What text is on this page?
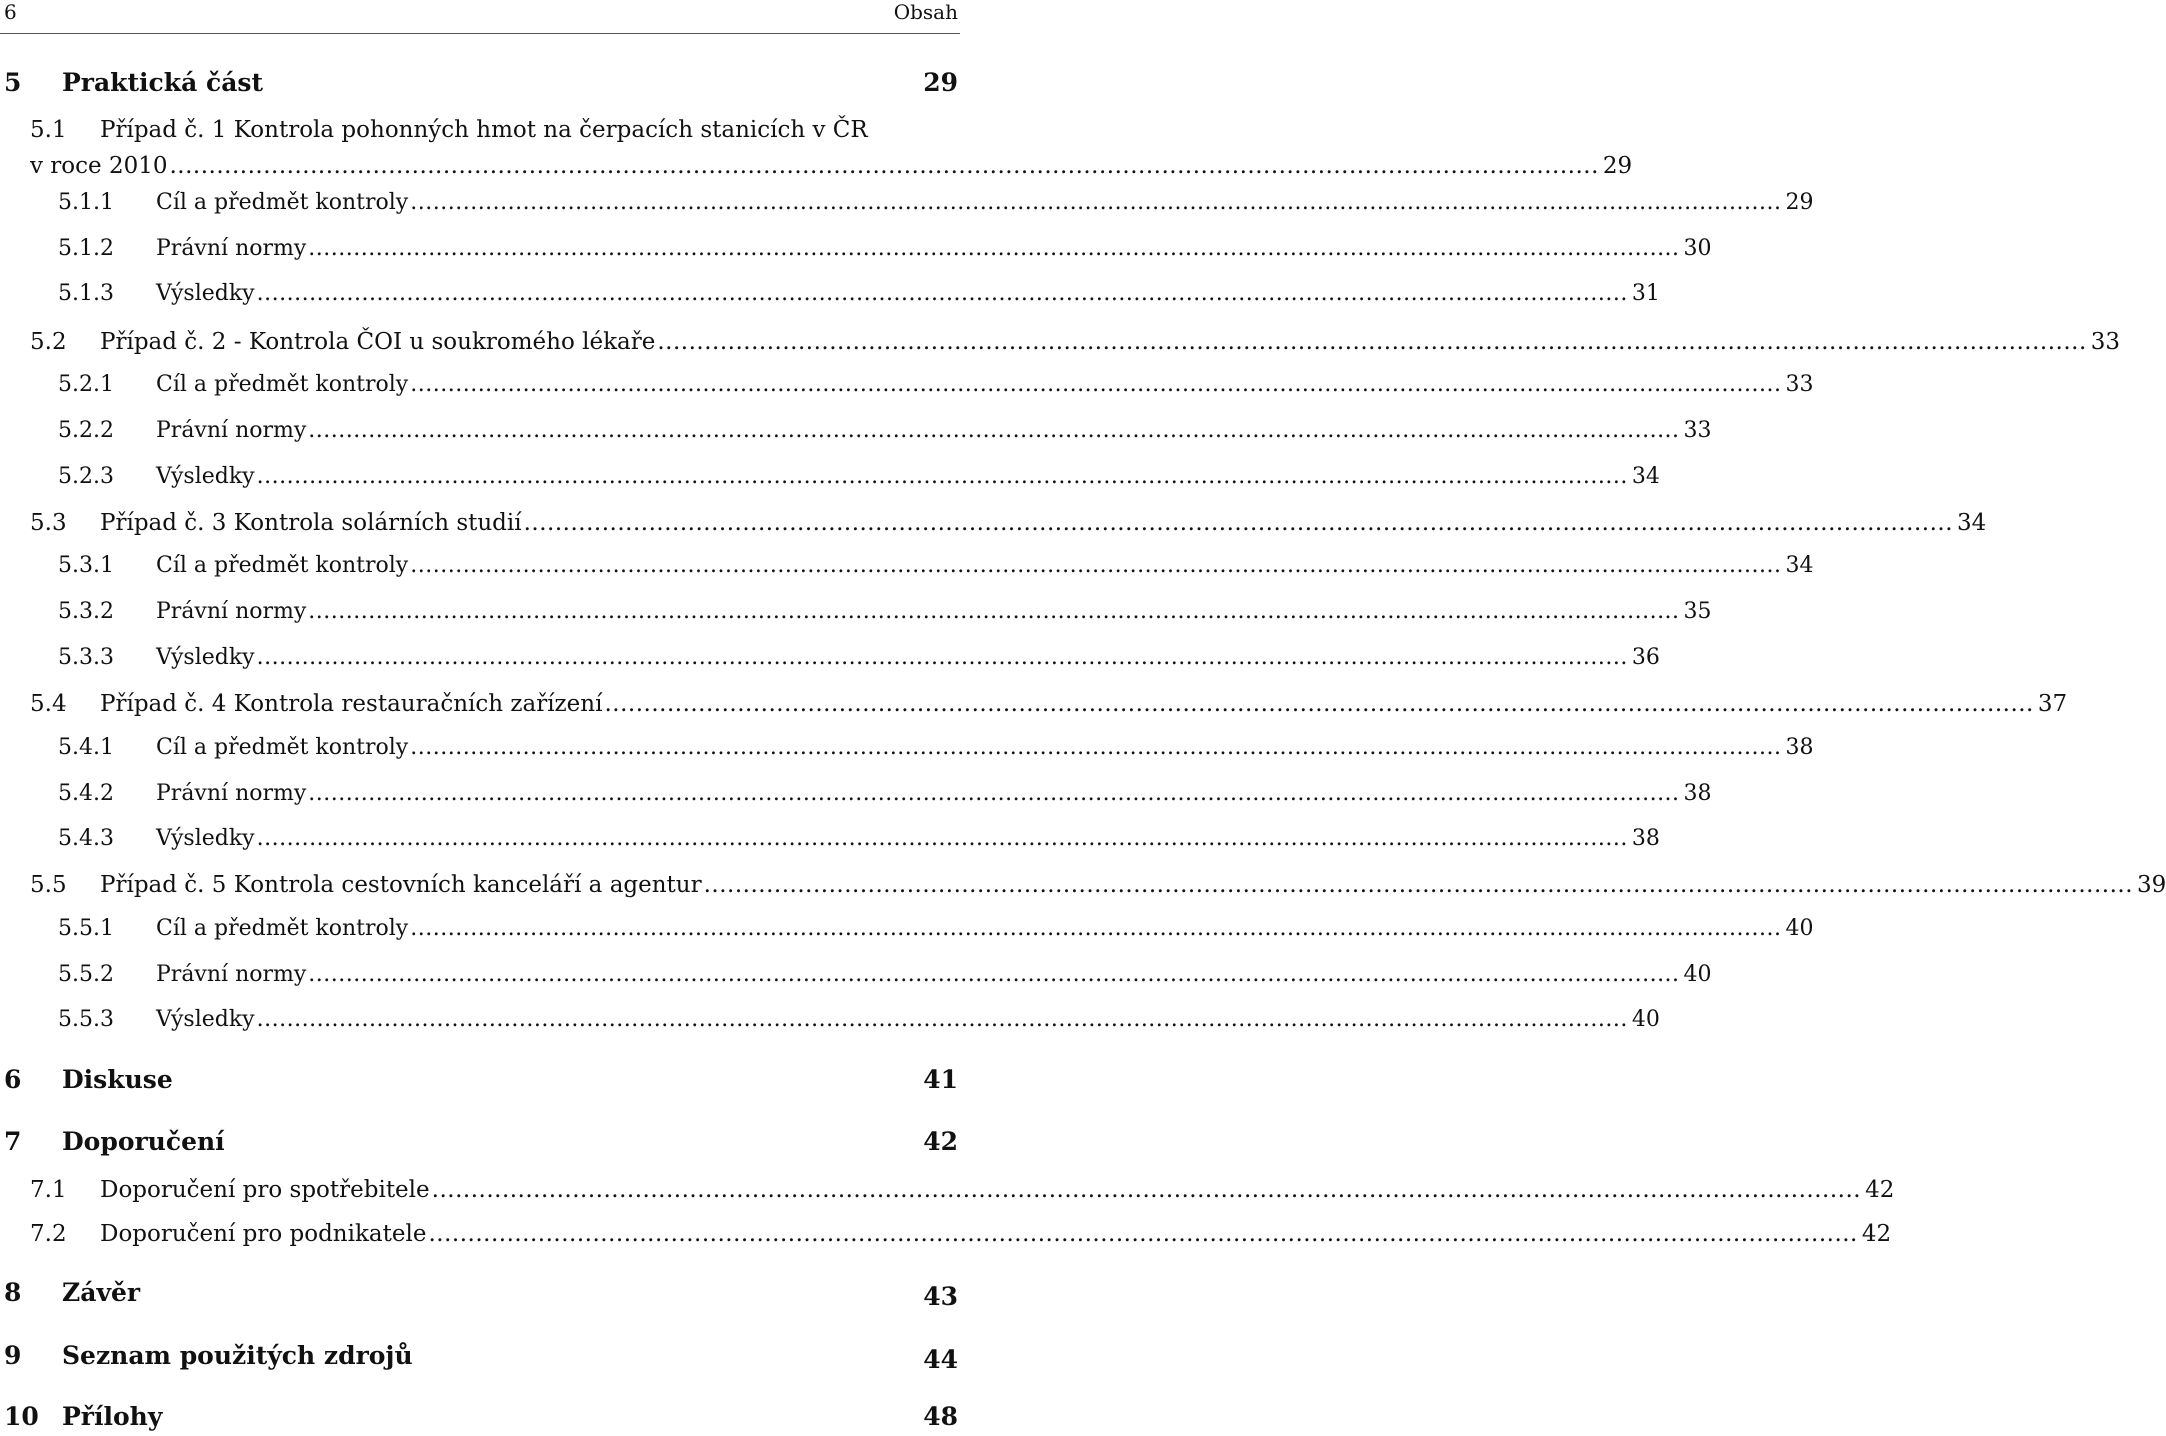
6	Obsah
5	Praktická část	29
5.1 Případ č. 1 Kontrola pohonných hmot na čerpacích stanicích v ČR
v roce 2010 ....................................................................................................................................................................................... 29
5.1.1	Cíl a předmět kontroly ....................................................................................................................................................................................... 29
5.1.2	Právní normy ....................................................................................................................................................................................... 30
5.1.3	Výsledky ....................................................................................................................................................................................... 31
5.2	Případ č. 2 - Kontrola ČOI u soukromého lékaře ....................................................................................................................................................................................... 33
5.2.1	Cíl a předmět kontroly ....................................................................................................................................................................................... 33
5.2.2	Právní normy ....................................................................................................................................................................................... 33
5.2.3	Výsledky ....................................................................................................................................................................................... 34
5.3	Případ č. 3 Kontrola solárních studií ....................................................................................................................................................................................... 34
5.3.1	Cíl a předmět kontroly ....................................................................................................................................................................................... 34
5.3.2	Právní normy ....................................................................................................................................................................................... 35
5.3.3	Výsledky ....................................................................................................................................................................................... 36
5.4	Případ č. 4 Kontrola restauračních zařízení ....................................................................................................................................................................................... 37
5.4.1	Cíl a předmět kontroly ....................................................................................................................................................................................... 38
5.4.2	Právní normy ....................................................................................................................................................................................... 38
5.4.3	Výsledky ....................................................................................................................................................................................... 38
5.5	Případ č. 5 Kontrola cestovních kanceláří a agentur ....................................................................................................................................................................................... 39
5.5.1	Cíl a předmět kontroly ....................................................................................................................................................................................... 40
5.5.2	Právní normy ....................................................................................................................................................................................... 40
5.5.3	Výsledky ....................................................................................................................................................................................... 40
6	Diskuse	41
7	Doporučení	42
7.1	Doporučení pro spotřebitele ....................................................................................................................................................................................... 42
7.2	Doporučení pro podnikatele ....................................................................................................................................................................................... 42
8	Závěr	43
9	Seznam použitých zdrojů	44
10 Přílohy	48
